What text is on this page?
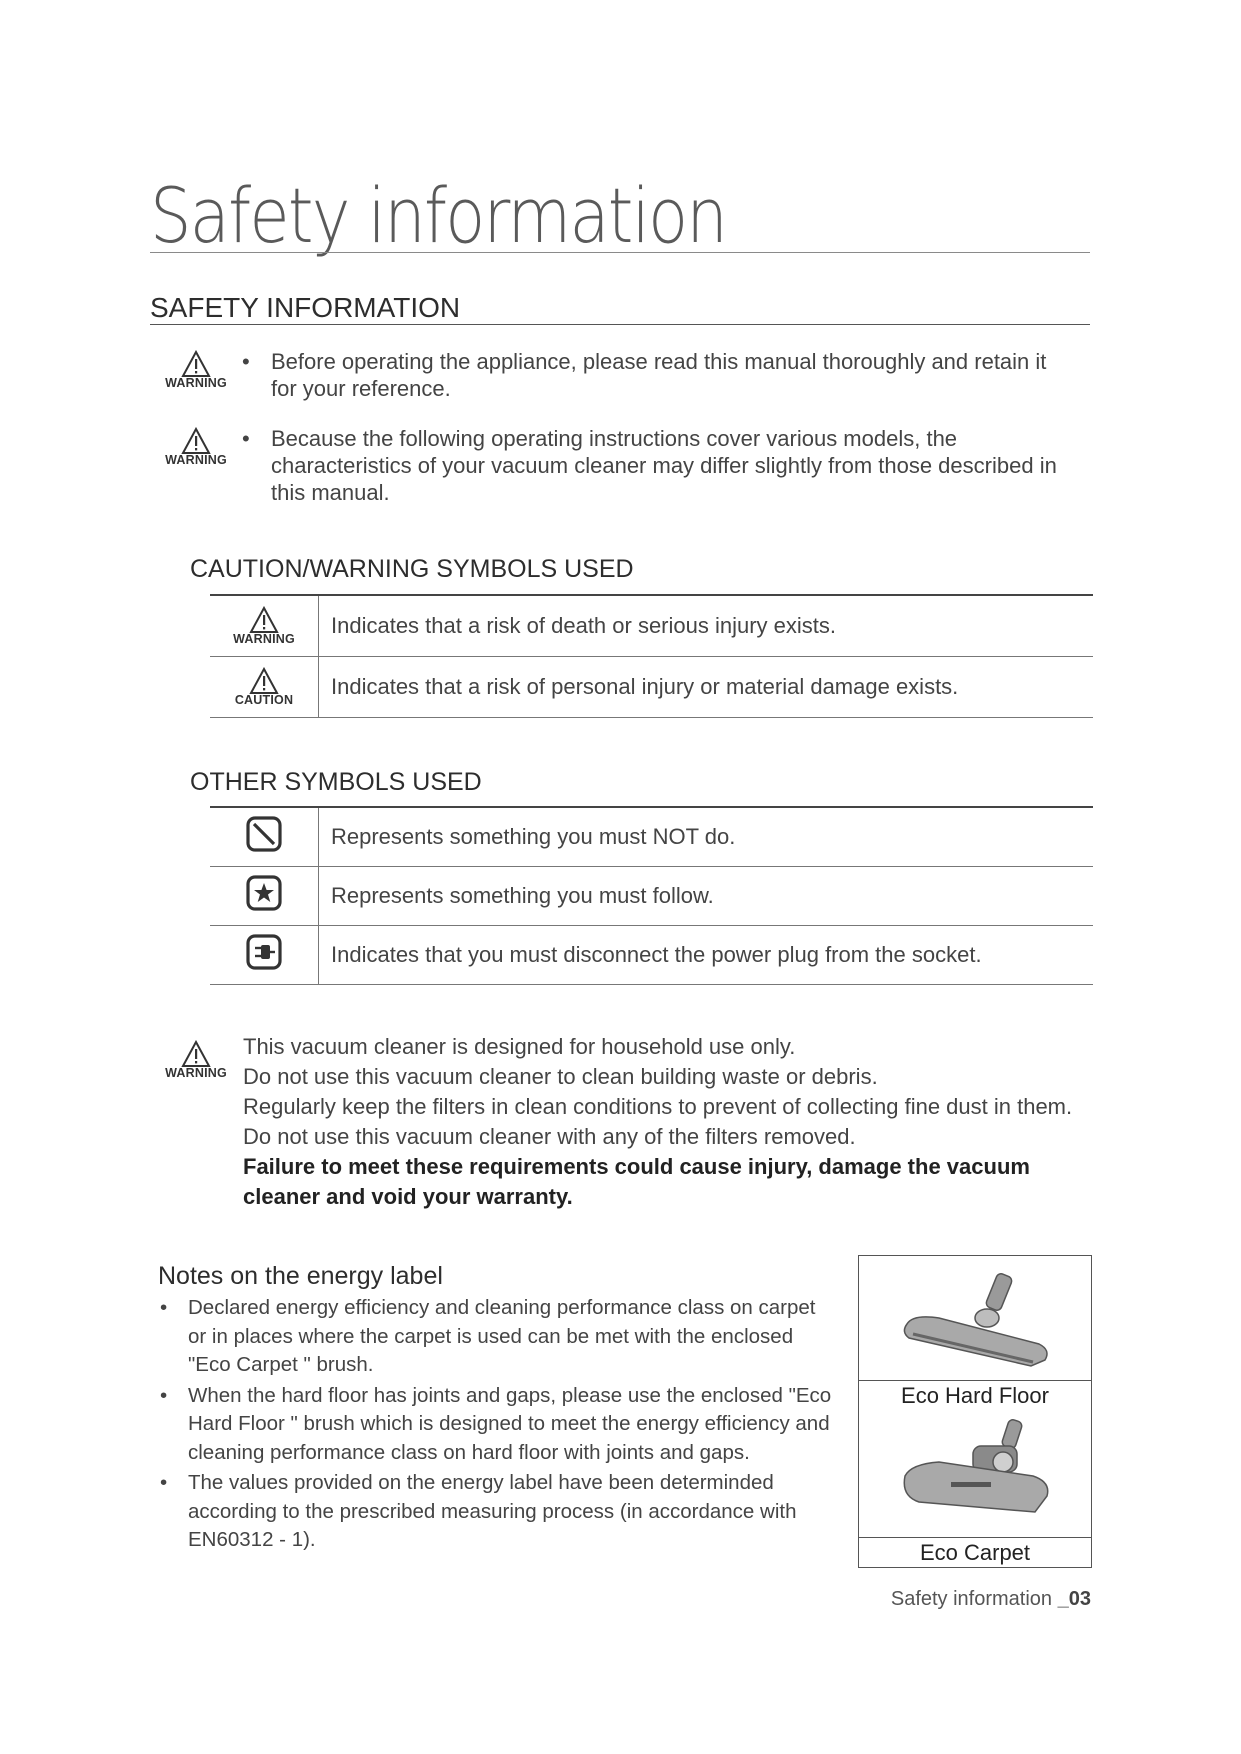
Safety information
SAFETY INFORMATION
WARNING
• Before operating the appliance, please read this manual thoroughly and retain it
for your reference.
WARNING
• Because the following operating instructions cover various models, the
characteristics of your vacuum cleaner may differ slightly from those described in
this manual.
CAUTION/WARNING SYMBOLS USED
WARNING	Indicates that a risk of death or serious injury exists.

CAUTION	Indicates that a risk of personal injury or material damage exists.
OTHER SYMBOLS USED
	Represents something you must NOT do.
	Represents something you must follow.
	Indicates that you must disconnect the power plug from the socket.
WARNING
This vacuum cleaner is designed for household use only.
Do not use this vacuum cleaner to clean building waste or debris.
Regularly keep the filters in clean conditions to prevent of collecting fine dust in them.
Do not use this vacuum cleaner with any of the filters removed.
Failure to meet these requirements could cause injury, damage the vacuum
cleaner and void your warranty.
Notes on the energy label
• Declared energy efficiency and cleaning performance class on carpet
or in places where the carpet is used can be met with the enclosed
"Eco Carpet " brush.
• When the hard floor has joints and gaps, please use the enclosed "Eco
Hard Floor " brush which is designed to meet the energy efficiency and
cleaning performance class on hard floor with joints and gaps.
• The values provided on the energy label have been determinded
according to the prescribed measuring process (in accordance with
EN60312 - 1).
Eco Hard Floor
Eco Carpet
Safety information _03
